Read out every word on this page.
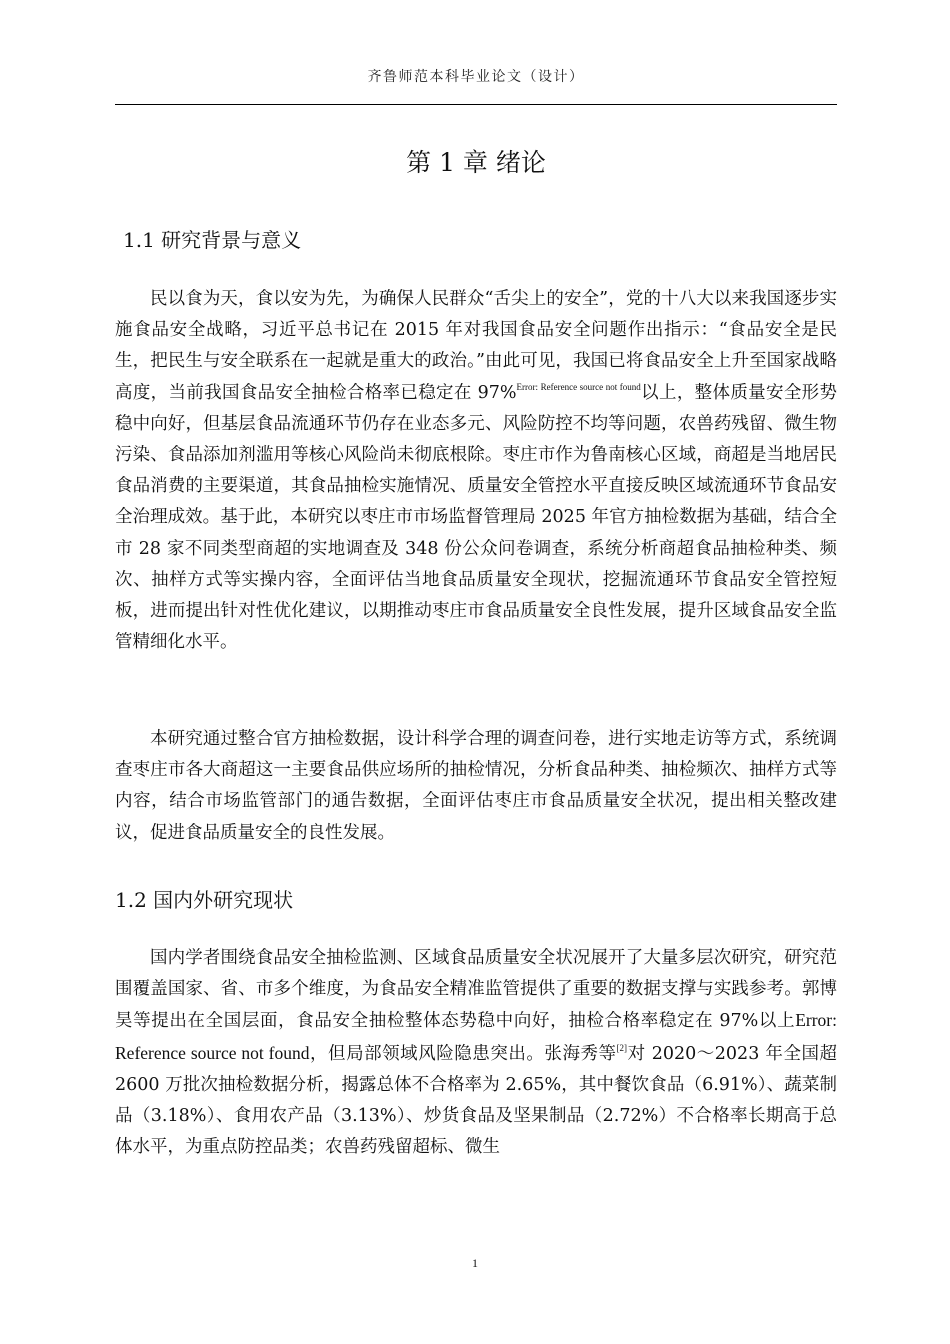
齐鲁师范本科毕业论文（设计）
第 1 章 绪论
1.1 研究背景与意义
民以食为天，食以安为先，为确保人民群众“舌尖上的安全”，党的十八大以来我国逐步实施食品安全战略，习近平总书记在 2015 年对我国食品安全问题作出指示：“食品安全是民生，把民生与安全联系在一起就是重大的政治。”由此可见，我国已将食品安全上升至国家战略高度，当前我国食品安全抽检合格率已稳定在 97%$^{Error: Reference source not found}$以上，整体质量安全形势稳中向好，但基层食品流通环节仍存在业态多元、风险防控不均等问题，农兽药残留、微生物污染、食品添加剂滥用等核心风险尚未彻底根除。枣庄市作为鲁南核心区域，商超是当地居民食品消费的主要渠道，其食品抽检实施情况、质量安全管控水平直接反映区域流通环节食品安全治理成效。基于此，本研究以枣庄市市场监督管理局 2025 年官方抽检数据为基础，结合全市 28 家不同类型商超的实地调查及 348 份公众问卷调查，系统分析商超食品抽检种类、频次、抽样方式等实操内容，全面评估当地食品质量安全现状，挖掘流通环节食品安全管控短板，进而提出针对性优化建议，以期推动枣庄市食品质量安全良性发展，提升区域食品安全监管精细化水平。
本研究通过整合官方抽检数据，设计科学合理的调查问卷，进行实地走访等方式，系统调查枣庄市各大商超这一主要食品供应场所的抽检情况，分析食品种类、抽检频次、抽样方式等内容，结合市场监管部门的通告数据，全面评估枣庄市食品质量安全状况，提出相关整改建议，促进食品质量安全的良性发展。
1.2 国内外研究现状
国内学者围绕食品安全抽检监测、区域食品质量安全状况展开了大量多层次研究，研究范围覆盖国家、省、市多个维度，为食品安全精准监管提供了重要的数据支撑与实践参考。郭博昊等提出在全国层面，食品安全抽检整体态势稳中向好，抽检合格率稳定在 97%以上Error: Reference source not found，但局部领域风险隐患突出。张海秀等[2]对 2020～2023 年全国超 2600 万批次抽检数据分析，揭露总体不合格率为 2.65%，其中餐饮食品（6.91%）、蔬菜制品（3.18%）、食用农产品（3.13%）、炒货食品及坚果制品（2.72%）不合格率长期高于总体水平，为重点防控品类；农兽药残留超标、微生
1
